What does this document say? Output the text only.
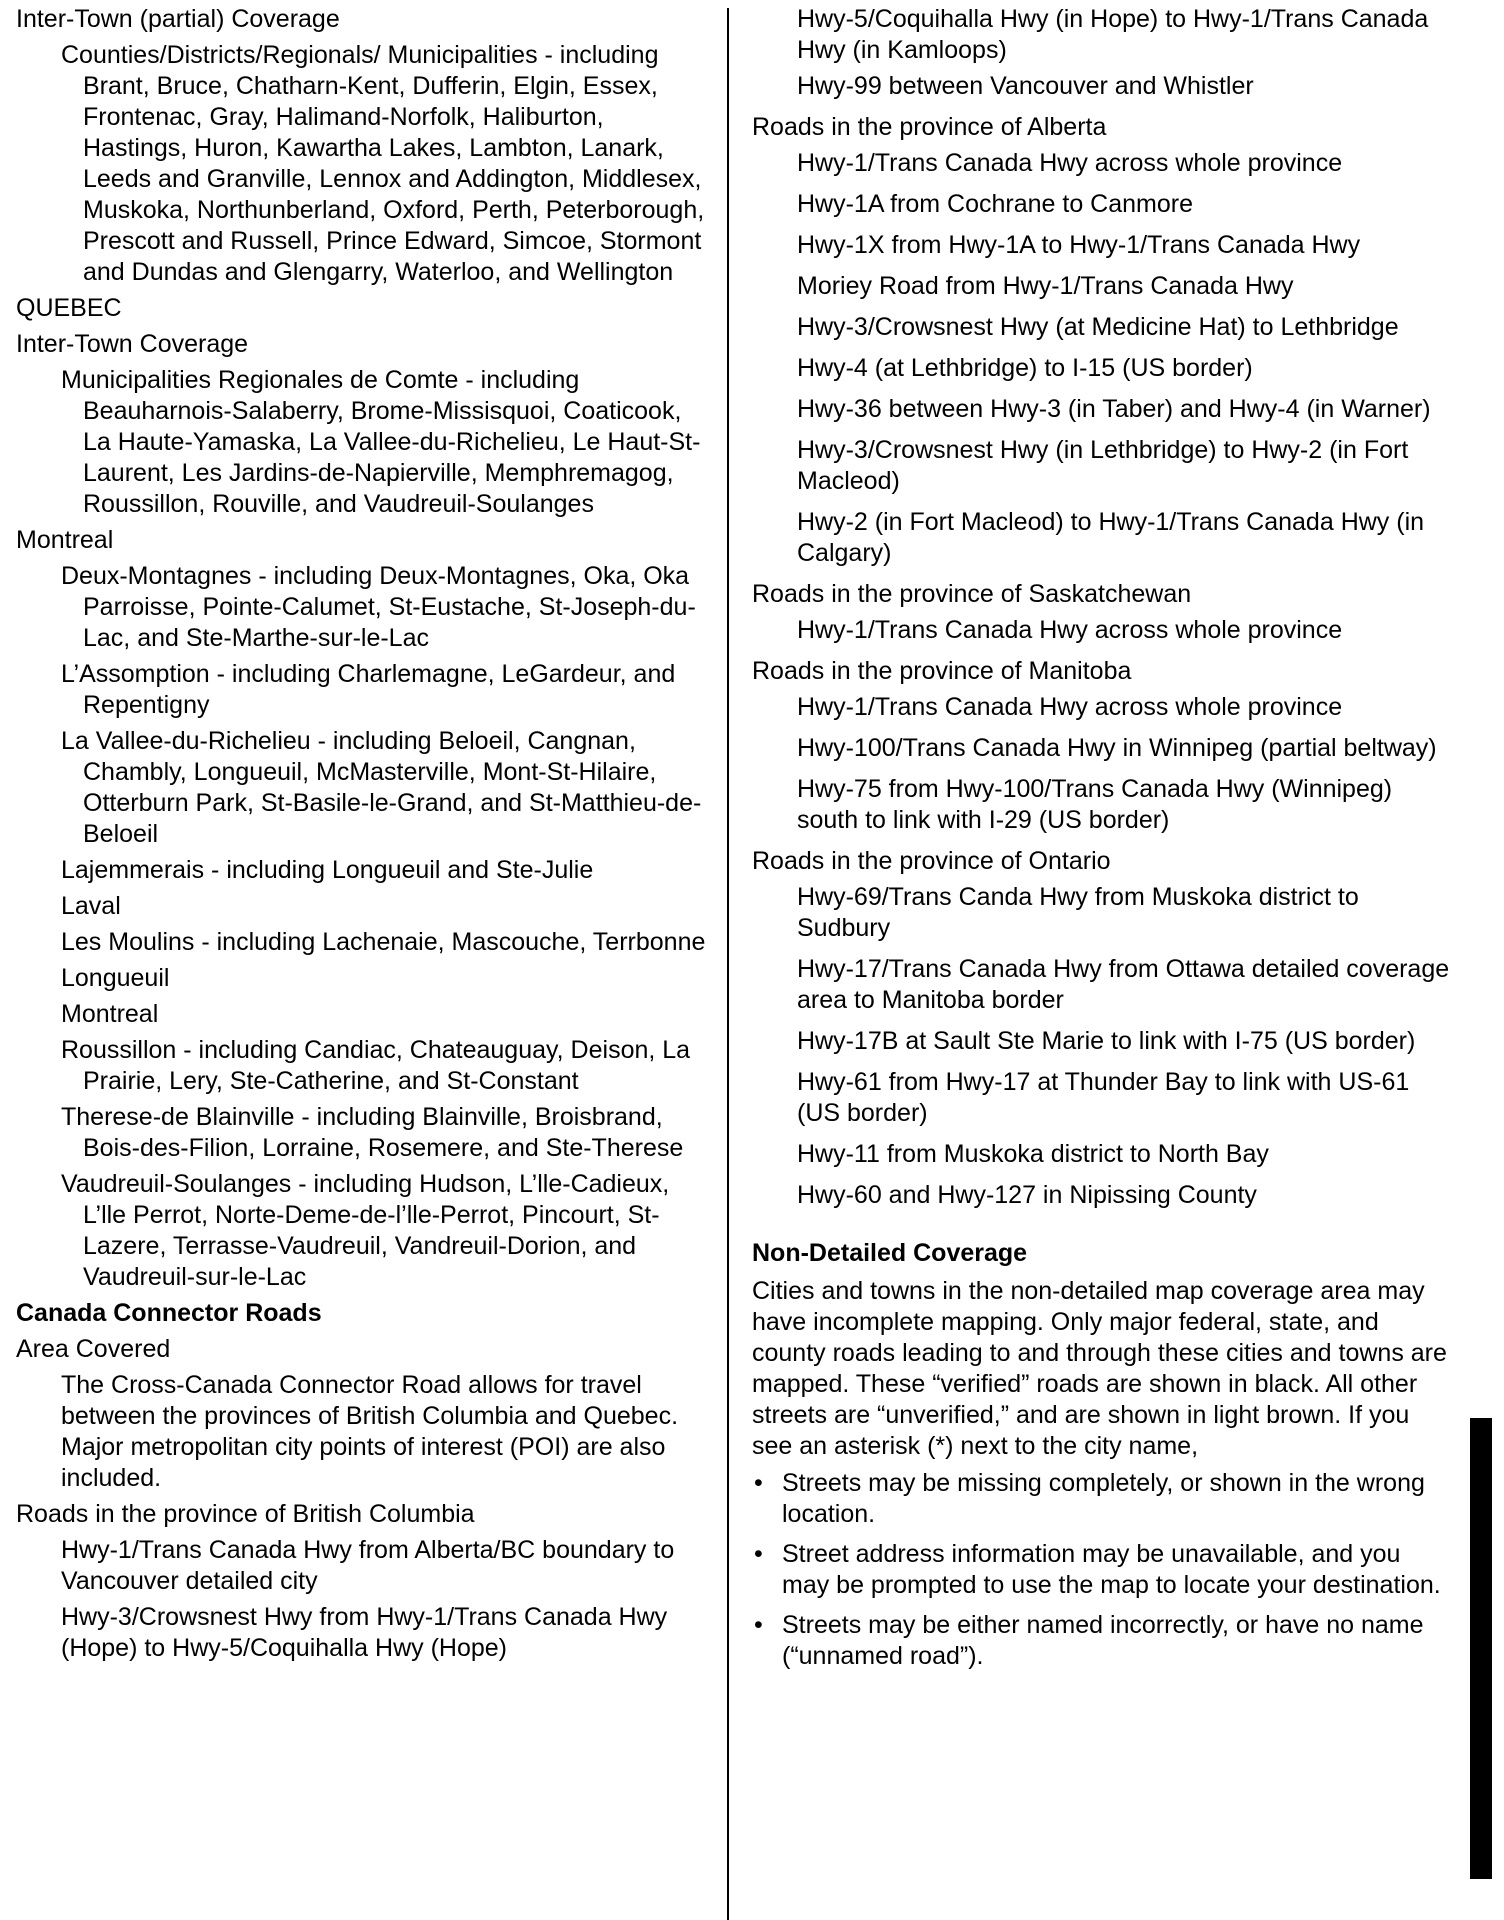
Inter-Town (partial) Coverage
Counties/Districts/Regionals/ Municipalities - including Brant, Bruce, Chatharn-Kent, Dufferin, Elgin, Essex, Frontenac, Gray, Halimand-Norfolk, Haliburton, Hastings, Huron, Kawartha Lakes, Lambton, Lanark, Leeds and Granville, Lennox and Addington, Middlesex, Muskoka, Northunberland, Oxford, Perth, Peterborough, Prescott and Russell, Prince Edward, Simcoe, Stormont and Dundas and Glengarry, Waterloo, and Wellington
QUEBEC
Inter-Town Coverage
Municipalities Regionales de Comte - including Beauharnois-Salaberry, Brome-Missisquoi, Coaticook, La Haute-Yamaska, La Vallee-du-Richelieu, Le Haut-St-Laurent, Les Jardins-de-Napierville, Memphremagog, Roussillon, Rouville, and Vaudreuil-Soulanges
Montreal
Deux-Montagnes - including Deux-Montagnes, Oka, Oka Parroisse, Pointe-Calumet, St-Eustache, St-Joseph-du-Lac, and Ste-Marthe-sur-le-Lac
L’Assomption - including Charlemagne, LeGardeur, and Repentigny
La Vallee-du-Richelieu - including Beloeil, Cangnan, Chambly, Longueuil, McMasterville, Mont-St-Hilaire, Otterburn Park, St-Basile-le-Grand, and St-Matthieu-de-Beloeil
Lajemmerais - including Longueuil and Ste-Julie
Laval
Les Moulins - including Lachenaie, Mascouche, Terrbonne
Longueuil
Montreal
Roussillon - including Candiac, Chateauguay, Deison, La Prairie, Lery, Ste-Catherine, and St-Constant
Therese-de Blainville - including Blainville, Broisbrand, Bois-des-Filion, Lorraine, Rosemere, and Ste-Therese
Vaudreuil-Soulanges - including Hudson, L’lle-Cadieux, L’lle Perrot, Norte-Deme-de-l’lle-Perrot, Pincourt, St-Lazere, Terrasse-Vaudreuil, Vandreuil-Dorion, and Vaudreuil-sur-le-Lac
Canada Connector Roads
Area Covered
The Cross-Canada Connector Road allows for travel between the provinces of British Columbia and Quebec. Major metropolitan city points of interest (POI) are also included.
Roads in the province of British Columbia
Hwy-1/Trans Canada Hwy from Alberta/BC boundary to Vancouver detailed city
Hwy-3/Crowsnest Hwy from Hwy-1/Trans Canada Hwy (Hope) to Hwy-5/Coquihalla Hwy (Hope)
Hwy-5/Coquihalla Hwy (in Hope) to Hwy-1/Trans Canada Hwy (in Kamloops)
Hwy-99 between Vancouver and Whistler
Roads in the province of Alberta
Hwy-1/Trans Canada Hwy across whole province
Hwy-1A from Cochrane to Canmore
Hwy-1X from Hwy-1A to Hwy-1/Trans Canada Hwy
Moriey Road from Hwy-1/Trans Canada Hwy
Hwy-3/Crowsnest Hwy (at Medicine Hat) to Lethbridge
Hwy-4 (at Lethbridge) to I-15 (US border)
Hwy-36 between Hwy-3 (in Taber) and Hwy-4 (in Warner)
Hwy-3/Crowsnest Hwy (in Lethbridge) to Hwy-2 (in Fort Macleod)
Hwy-2 (in Fort Macleod) to Hwy-1/Trans Canada Hwy (in Calgary)
Roads in the province of Saskatchewan
Hwy-1/Trans Canada Hwy across whole province
Roads in the province of Manitoba
Hwy-1/Trans Canada Hwy across whole province
Hwy-100/Trans Canada Hwy in Winnipeg (partial beltway)
Hwy-75 from Hwy-100/Trans Canada Hwy (Winnipeg) south to link with I-29 (US border)
Roads in the province of Ontario
Hwy-69/Trans Canda Hwy from Muskoka district to Sudbury
Hwy-17/Trans Canada Hwy from Ottawa detailed coverage area to Manitoba border
Hwy-17B at Sault Ste Marie to link with I-75 (US border)
Hwy-61 from Hwy-17 at Thunder Bay to link with US-61 (US border)
Hwy-11 from Muskoka district to North Bay
Hwy-60 and Hwy-127 in Nipissing County
Non-Detailed Coverage
Cities and towns in the non-detailed map coverage area may have incomplete mapping. Only major federal, state, and county roads leading to and through these cities and towns are mapped. These “verified” roads are shown in black. All other streets are “unverified,” and are shown in light brown. If you see an asterisk (*) next to the city name,
• Streets may be missing completely, or shown in the wrong location.
• Street address information may be unavailable, and you may be prompted to use the map to locate your destination.
• Streets may be either named incorrectly, or have no name (“unnamed road”).
